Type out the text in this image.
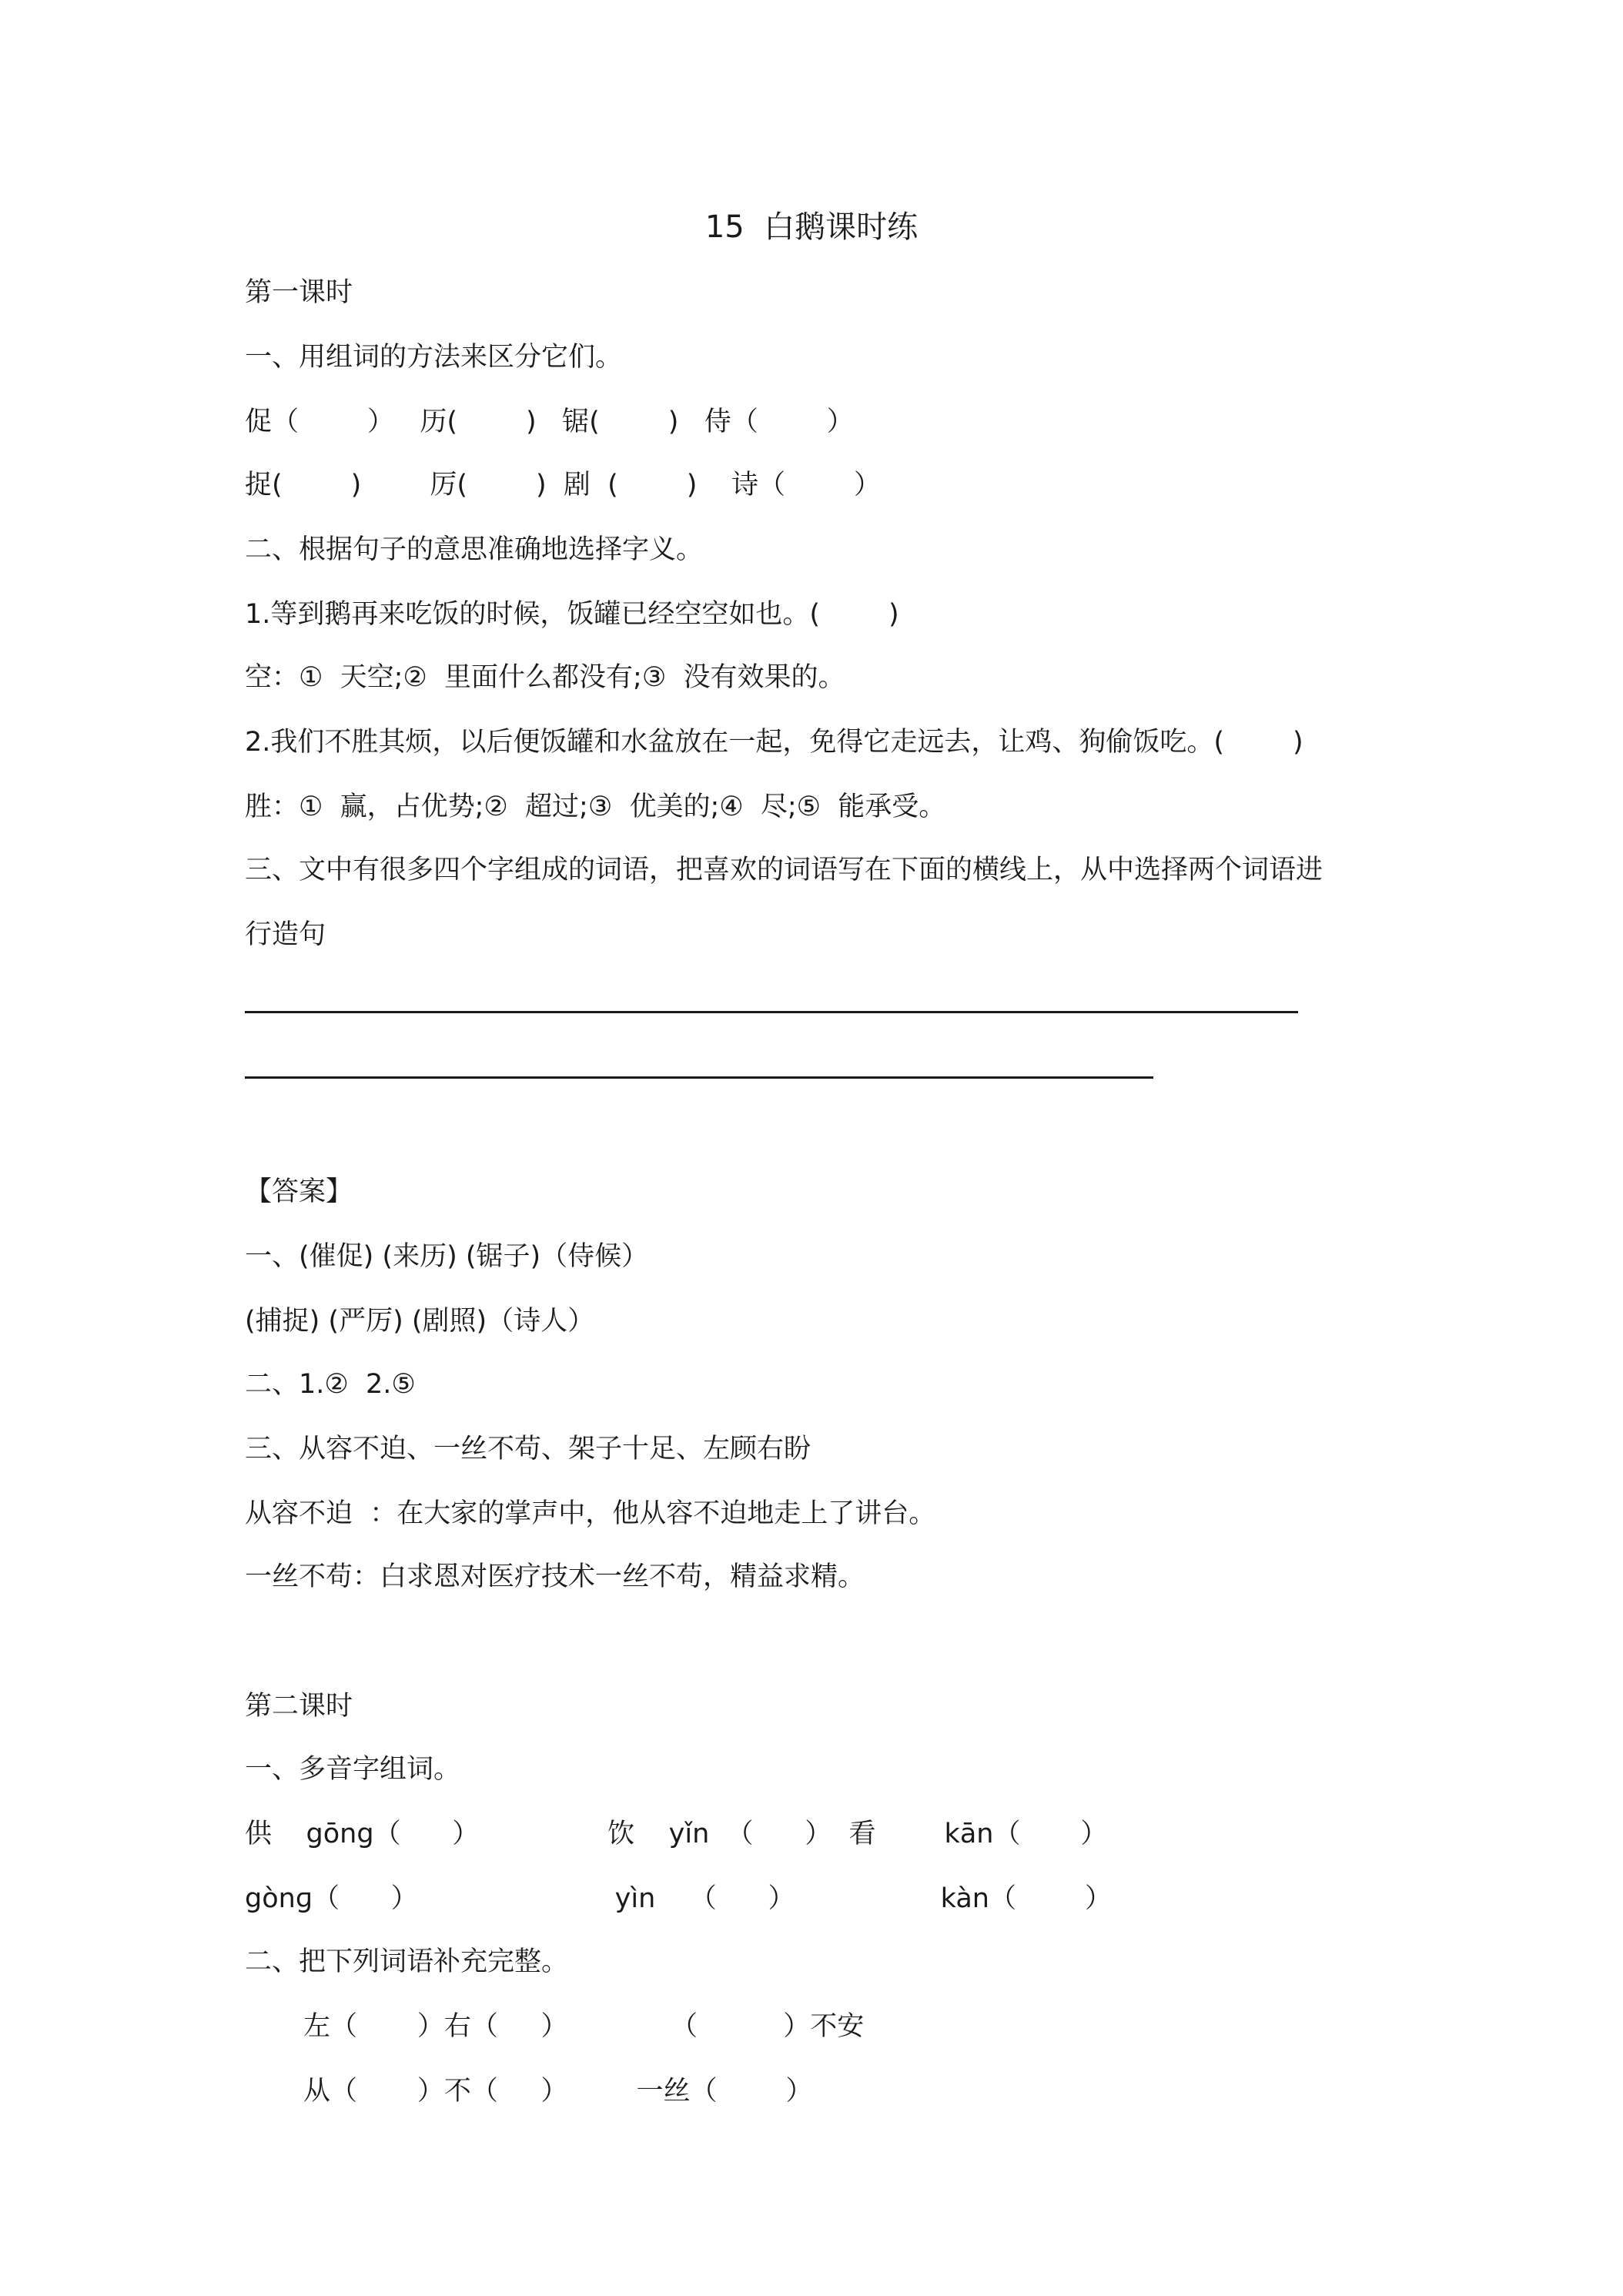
15  白鹅课时练
第一课时
一、用组词的方法来区分它们。
促（        ）   历(        )   锯(        )   侍（        ）
捉(        )        厉(        )  剧  (        )    诗（        ）
二、根据句子的意思准确地选择字义。
1.等到鹅再来吃饭的时候，饭罐已经空空如也。(        )
空：①  天空;②  里面什么都没有;③  没有效果的。
2.我们不胜其烦，以后便饭罐和水盆放在一起，免得它走远去，让鸡、狗偷饭吃。(        )
胜：①  赢，占优势;②  超过;③  优美的;④  尽;⑤  能承受。
三、文中有很多四个字组成的词语，把喜欢的词语写在下面的横线上，从中选择两个词语进
行造句
【答案】
一、(催促) (来历) (锯子)（侍候）
(捕捉) (严厉) (剧照)（诗人）
二、1.②  2.⑤
三、从容不迫、一丝不苟、架子十足、左顾右盼
从容不迫  ：在大家的掌声中，他从容不迫地走上了讲台。
一丝不苟：白求恩对医疗技术一丝不苟，精益求精。
第二课时
一、多音字组词。
供    gōng（      ）               饮    yǐn  （      ）  看        kān（       ）
gònɡ（      ）                       yìn    （      ）                 kàn（        ）
二、把下列词语补充完整。
左（       ）右（     ）            （          ）不安
从（       ）不（     ）        一丝（        ）
